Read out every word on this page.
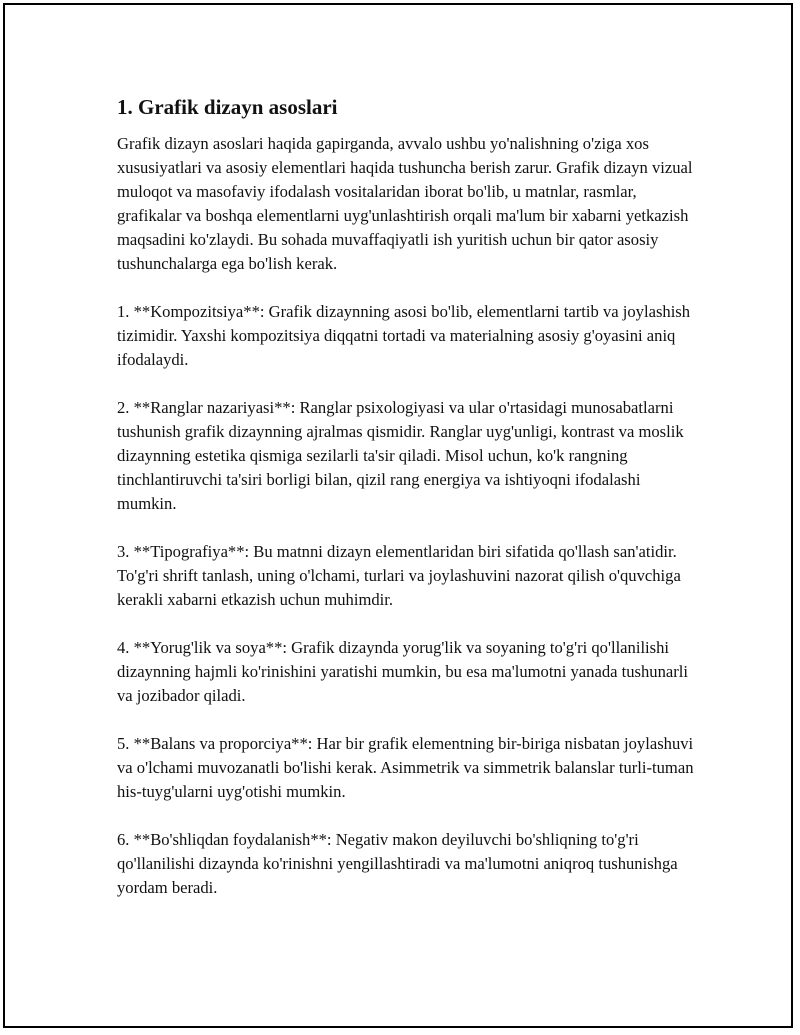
1. Grafik dizayn asoslari

Grafik dizayn asoslari haqida gapirganda, avvalo ushbu yo'nalishning o'ziga xos xususiyatlari va asosiy elementlari haqida tushuncha berish zarur. Grafik dizayn vizual muloqot va masofaviy ifodalash vositalaridan iborat bo'lib, u matnlar, rasmlar, grafikalar va boshqa elementlarni uyg'unlashtirish orqali ma'lum bir xabarni yetkazish maqsadini ko'zlaydi. Bu sohada muvaffaqiyatli ish yuritish uchun bir qator asosiy tushunchalarga ega bo'lish kerak.

1. **Kompozitsiya**: Grafik dizaynning asosi bo'lib, elementlarni tartib va joylashish tizimidir. Yaxshi kompozitsiya diqqatni tortadi va materialning asosiy g'oyasini aniq ifodalaydi.

2. **Ranglar nazariyasi**: Ranglar psixologiyasi va ular o'rtasidagi munosabatlarni tushunish grafik dizaynning ajralmas qismidir. Ranglar uyg'unligi, kontrast va moslik dizaynning estetika qismiga sezilarli ta'sir qiladi. Misol uchun, ko'k rangning tinchlantiruvchi ta'siri borligi bilan, qizil rang energiya va ishtiyoqni ifodalashi mumkin.

3. **Tipografiya**: Bu matnni dizayn elementlaridan biri sifatida qo'llash san'atidir. To'g'ri shrift tanlash, uning o'lchami, turlari va joylashuvini nazorat qilish o'quvchiga kerakli xabarni etkazish uchun muhimdir.

4. **Yorug'lik va soya**: Grafik dizaynda yorug'lik va soyaning to'g'ri qo'llanilishi dizaynning hajmli ko'rinishini yaratishi mumkin, bu esa ma'lumotni yanada tushunarli va jozibador qiladi.

5. **Balans va proporciya**: Har bir grafik elementning bir-biriga nisbatan joylashuvi va o'lchami muvozanatli bo'lishi kerak. Asimmetrik va simmetrik balanslar turli-tuman his-tuyg'ularni uyg'otishi mumkin.

6. **Bo'shliqdan foydalanish**: Negativ makon deyiluvchi bo'shliqning to'g'ri qo'llanilishi dizaynda ko'rinishni yengillashtiradi va ma'lumotni aniqroq tushunishga yordam beradi.
